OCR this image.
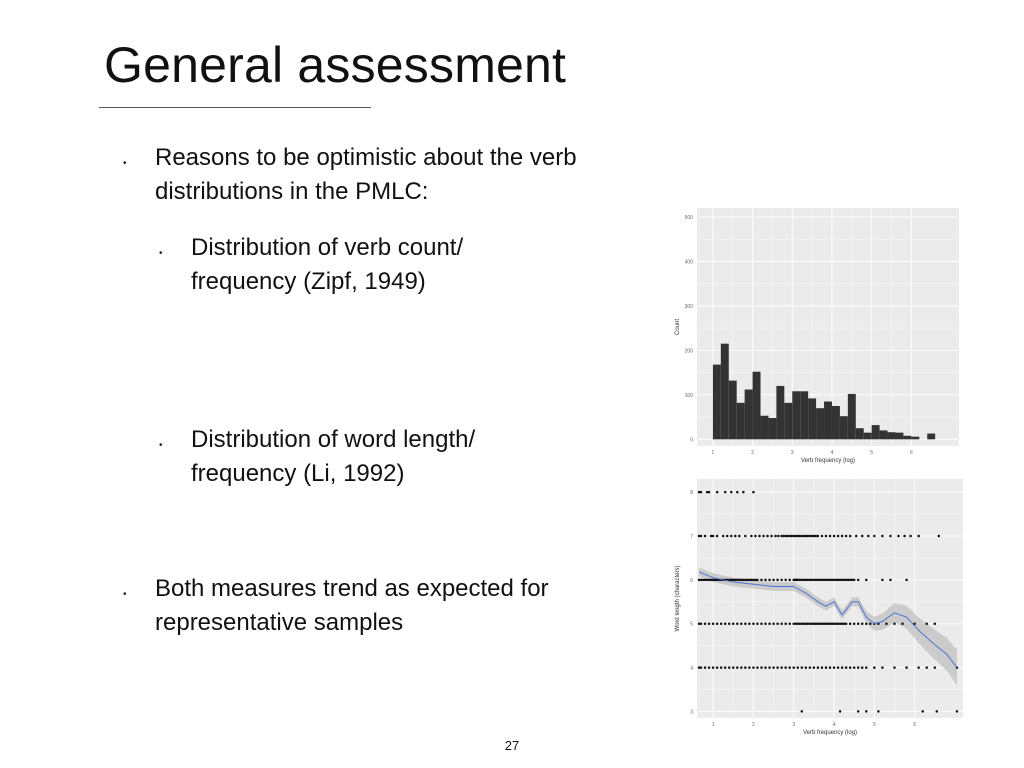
General assessment
• Reasons to be optimistic about the verb distributions in the PMLC:
• Distribution of verb count/ frequency (Zipf, 1949)
• Distribution of word length/ frequency (Li, 1992)
• Both measures trend as expected for representative samples
1	2	3	4	5	6
0
100
200
300
400
500
Verb frequency (log)
Count
1	2	3	4	5	6
3
4
5
6
7
8
Verb frequency (log)
Word length (characters)
27
